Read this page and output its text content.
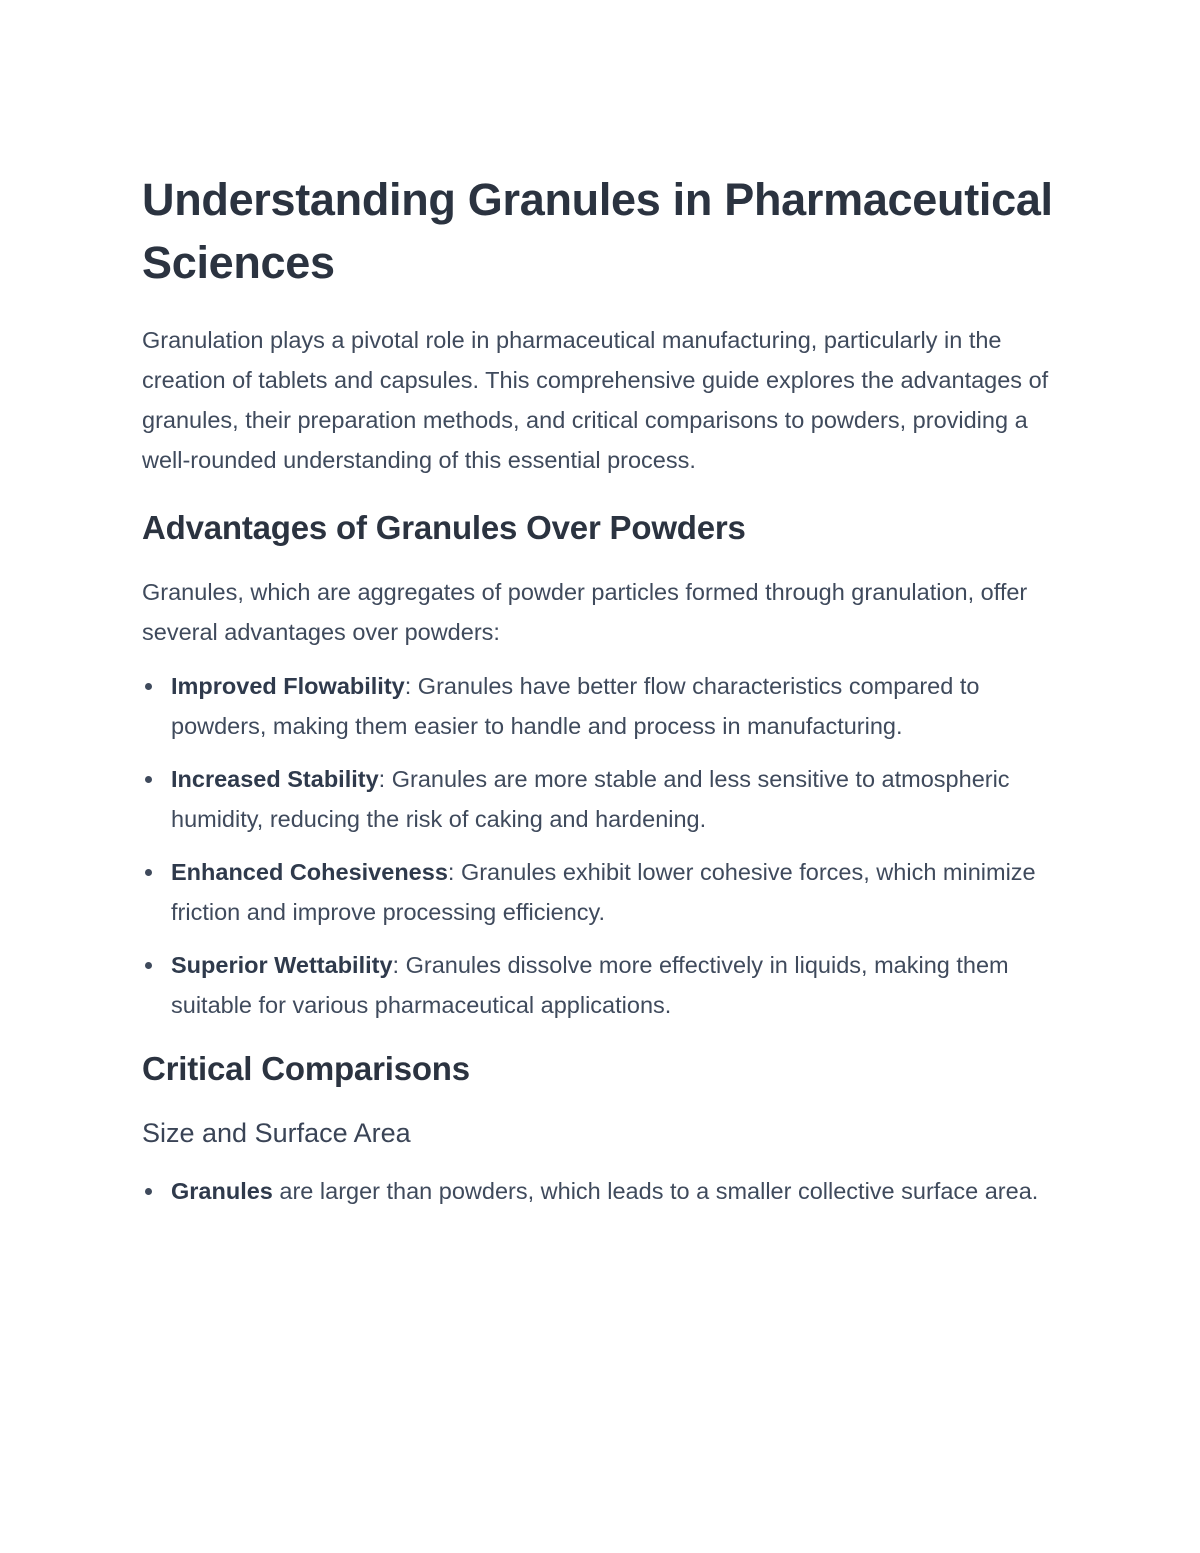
Understanding Granules in Pharmaceutical Sciences

Granulation plays a pivotal role in pharmaceutical manufacturing, particularly in the creation of tablets and capsules. This comprehensive guide explores the advantages of granules, their preparation methods, and critical comparisons to powders, providing a well-rounded understanding of this essential process.

Advantages of Granules Over Powders

Granules, which are aggregates of powder particles formed through granulation, offer several advantages over powders:

Improved Flowability: Granules have better flow characteristics compared to powders, making them easier to handle and process in manufacturing.
Increased Stability: Granules are more stable and less sensitive to atmospheric humidity, reducing the risk of caking and hardening.
Enhanced Cohesiveness: Granules exhibit lower cohesive forces, which minimize friction and improve processing efficiency.
Superior Wettability: Granules dissolve more effectively in liquids, making them suitable for various pharmaceutical applications.
Critical Comparisons
Size and Surface Area
Granules are larger than powders, which leads to a smaller collective surface area.
